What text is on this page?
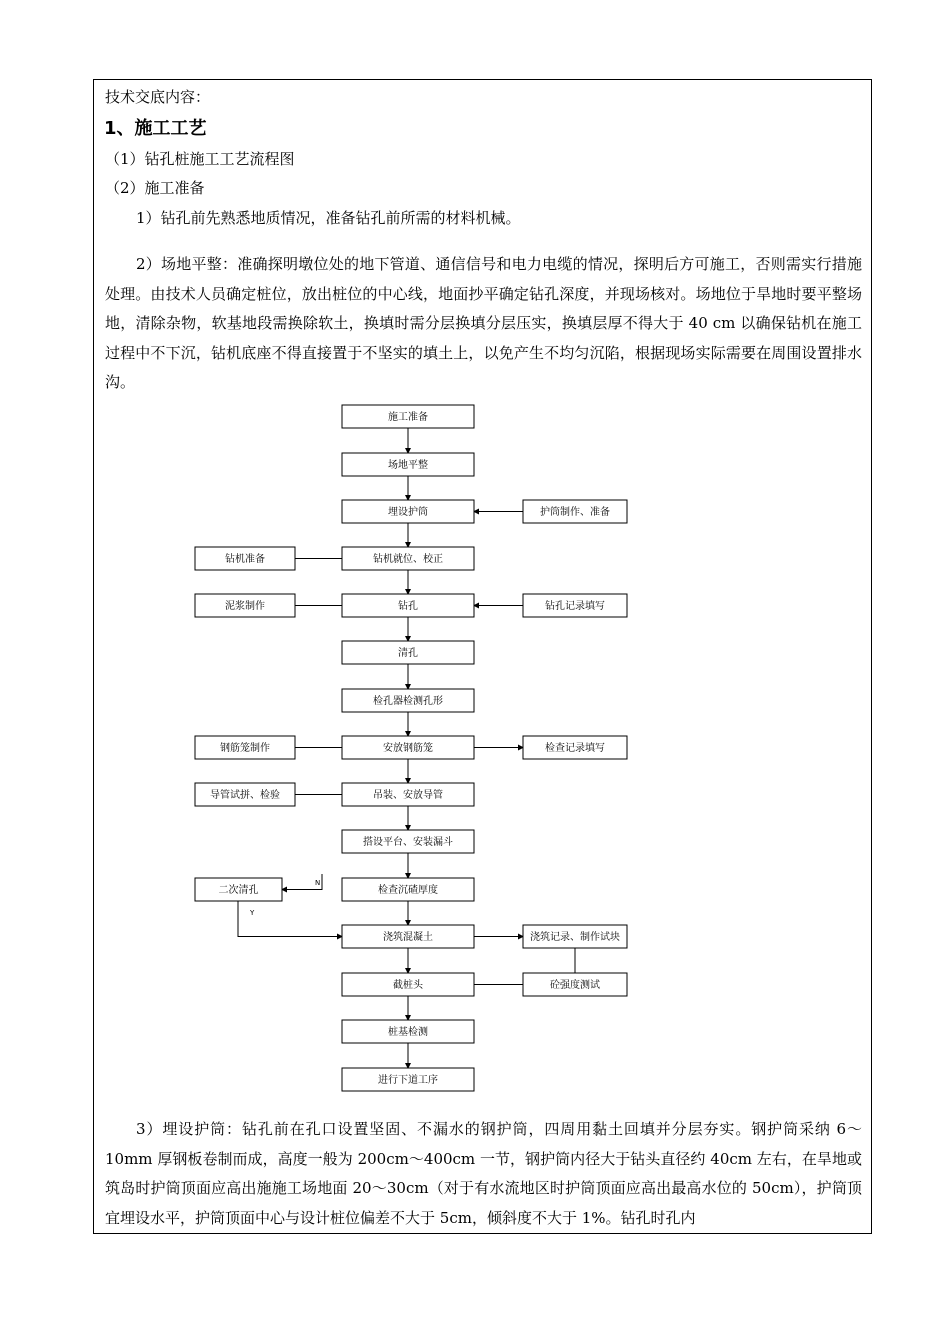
技术交底内容：
1、施工工艺
（1）钻孔桩施工工艺流程图
（2）施工准备
1）钻孔前先熟悉地质情况，准备钻孔前所需的材料机械。
2）场地平整：准确探明墩位处的地下管道、通信信号和电力电缆的情况，探明后方可施工，否则需实行措施处理。由技术人员确定桩位，放出桩位的中心线，地面抄平确定钻孔深度，并现场核对。场地位于旱地时要平整场地，清除杂物，软基地段需换除软土，换填时需分层换填分层压实，换填层厚不得大于 40 cm 以确保钻机在施工过程中不下沉，钻机底座不得直接置于不坚实的填土上，以免产生不均匀沉陷，根据现场实际需要在周围设置排水沟。
施工准备
场地平整
埋设护筒
钻机就位、校正
钻孔
清孔
检孔器检测孔形
安放钢筋笼
吊装、安放导管
搭设平台、安装漏斗
检查沉碴厚度
浇筑混凝土
截桩头
桩基检测
进行下道工序
钻机准备
泥浆制作
钢筋笼制作
导管试拼、检验
护筒制作、准备
钻孔记录填写
检查记录填写
浇筑记录、制作试块
砼强度测试
二次清孔
N
Y
3）埋设护筒：钻孔前在孔口设置坚固、不漏水的钢护筒，四周用黏土回填并分层夯实。钢护筒采纳 6～10mm 厚钢板卷制而成，高度一般为 200cm～400cm 一节，钢护筒内径大于钻头直径约 40cm 左右，在旱地或筑岛时护筒顶面应高出施施工场地面 20～30cm（对于有水流地区时护筒顶面应高出最高水位的 50cm），护筒顶宜埋设水平，护筒顶面中心与设计桩位偏差不大于 5cm，倾斜度不大于 1%。钻孔时孔内
